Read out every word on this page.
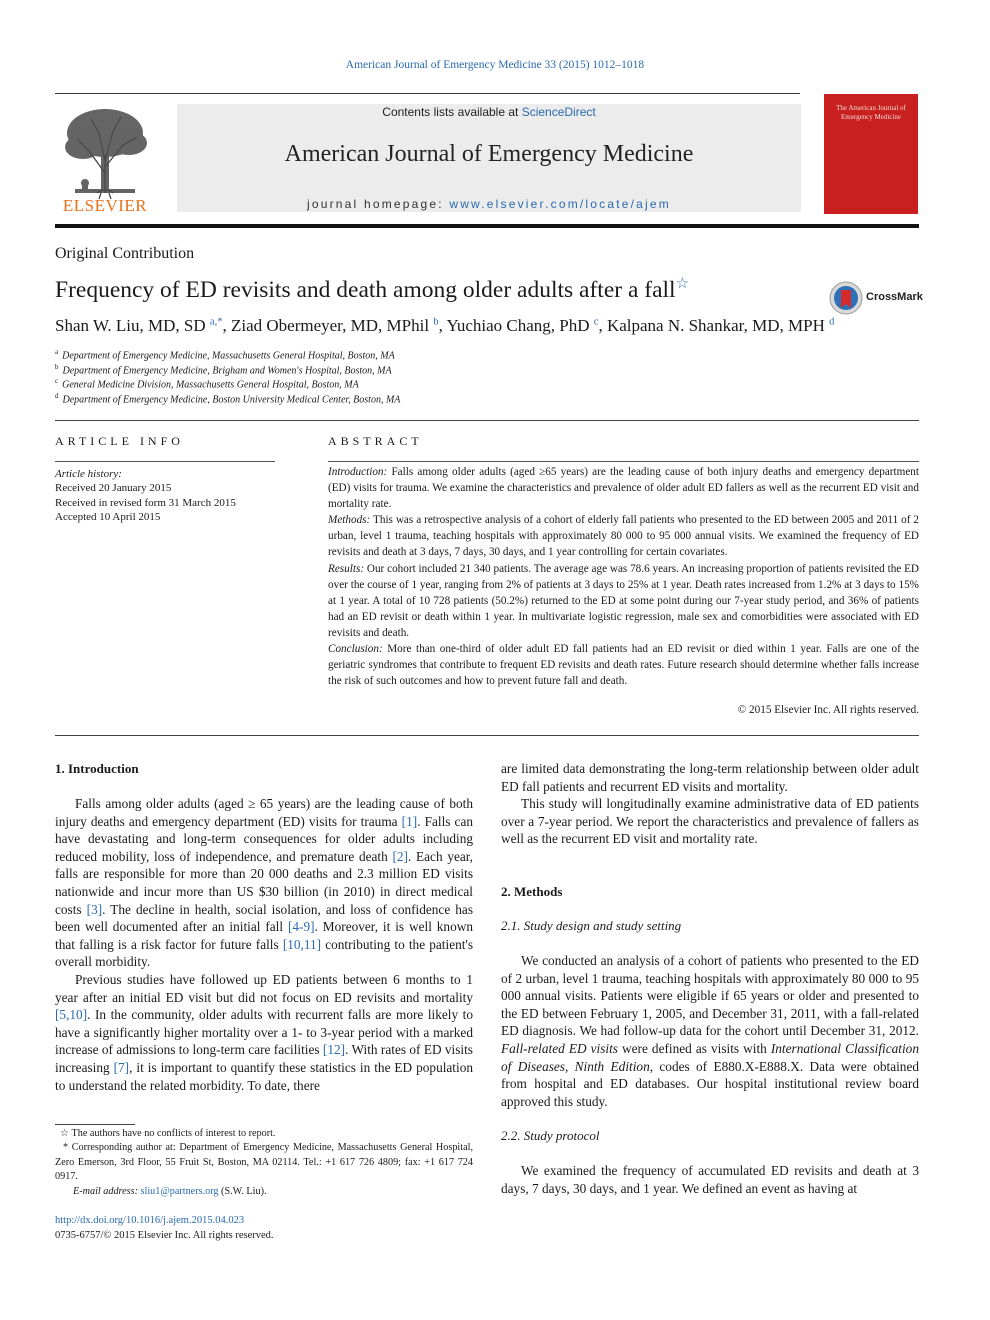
American Journal of Emergency Medicine 33 (2015) 1012–1018
ELSEVIER
Contents lists available at ScienceDirect
American Journal of Emergency Medicine
journal homepage: www.elsevier.com/locate/ajem
The American Journal of Emergency Medicine
Original Contribution
Frequency of ED revisits and death among older adults after a fall☆
CrossMark
Shan W. Liu, MD, SD $^{a,*}$, Ziad Obermeyer, MD, MPhil $^b$, Yuchiao Chang, PhD $^c$, Kalpana N. Shankar, MD, MPH $^d$
$^a$ Department of Emergency Medicine, Massachusetts General Hospital, Boston, MA
$^b$ Department of Emergency Medicine, Brigham and Women's Hospital, Boston, MA
$^c$ General Medicine Division, Massachusetts General Hospital, Boston, MA
$^d$ Department of Emergency Medicine, Boston University Medical Center, Boston, MA
ARTICLE INFO	ABSTRACT
Article history:
Received 20 January 2015
Received in revised form 31 March 2015
Accepted 10 April 2015

Introduction: Falls among older adults (aged ≥65 years) are the leading cause of both injury deaths and emergency department (ED) visits for trauma. We examine the characteristics and prevalence of older adult ED fallers as well as the recurrent ED visit and mortality rate.

Methods: This was a retrospective analysis of a cohort of elderly fall patients who presented to the ED between 2005 and 2011 of 2 urban, level 1 trauma, teaching hospitals with approximately 80 000 to 95 000 annual visits. We examined the frequency of ED revisits and death at 3 days, 7 days, 30 days, and 1 year controlling for certain covariates.

Results: Our cohort included 21 340 patients. The average age was 78.6 years. An increasing proportion of patients revisited the ED over the course of 1 year, ranging from 2% of patients at 3 days to 25% at 1 year. Death rates increased from 1.2% at 3 days to 15% at 1 year. A total of 10 728 patients (50.2%) returned to the ED at some point during our 7-year study period, and 36% of patients had an ED revisit or death within 1 year. In multivariate logistic regression, male sex and comorbidities were associated with ED revisits and death.

Conclusion: More than one-third of older adult ED fall patients had an ED revisit or died within 1 year. Falls are one of the geriatric syndromes that contribute to frequent ED revisits and death rates. Future research should determine whether falls increase the risk of such outcomes and how to prevent future fall and death.

© 2015 Elsevier Inc. All rights reserved.
1. Introduction

Falls among older adults (aged ≥ 65 years) are the leading cause of both injury deaths and emergency department (ED) visits for trauma [1]. Falls can have devastating and long-term consequences for older adults including reduced mobility, loss of independence, and premature death [2]. Each year, falls are responsible for more than 20 000 deaths and 2.3 million ED visits nationwide and incur more than US $30 billion (in 2010) in direct medical costs [3]. The decline in health, social isolation, and loss of confidence has been well documented after an initial fall [4-9]. Moreover, it is well known that falling is a risk factor for future falls [10,11] contributing to the patient's overall morbidity.

Previous studies have followed up ED patients between 6 months to 1 year after an initial ED visit but did not focus on ED revisits and mortality [5,10]. In the community, older adults with recurrent falls are more likely to have a significantly higher mortality over a 1- to 3-year period with a marked increase of admissions to long-term care facilities [12]. With rates of ED visits increasing [7], it is important to quantify these statistics in the ED population to understand the related morbidity. To date, there

are limited data demonstrating the long-term relationship between older adult ED fall patients and recurrent ED visits and mortality.

This study will longitudinally examine administrative data of ED patients over a 7-year period. We report the characteristics and prevalence of fallers as well as the recurrent ED visit and mortality rate.

2. Methods
2.1. Study design and study setting

We conducted an analysis of a cohort of patients who presented to the ED of 2 urban, level 1 trauma, teaching hospitals with approximately 80 000 to 95 000 annual visits. Patients were eligible if 65 years or older and presented to the ED between February 1, 2005, and December 31, 2011, with a fall-related ED diagnosis. We had follow-up data for the cohort until December 31, 2012. Fall-related ED visits were defined as visits with International Classification of Diseases, Ninth Edition, codes of E880.X-E888.X. Data were obtained from hospital and ED databases. Our hospital institutional review board approved this study.

2.2. Study protocol

We examined the frequency of accumulated ED revisits and death at 3 days, 7 days, 30 days, and 1 year. We defined an event as having at

☆ The authors have no conflicts of interest to report.

* Corresponding author at: Department of Emergency Medicine, Massachusetts General Hospital, Zero Emerson, 3rd Floor, 55 Fruit St, Boston, MA 02114. Tel.: +1 617 726 4809; fax: +1 617 724 0917.

E-mail address: sliu1@partners.org (S.W. Liu).

http://dx.doi.org/10.1016/j.ajem.2015.04.023
0735-6757/© 2015 Elsevier Inc. All rights reserved.
